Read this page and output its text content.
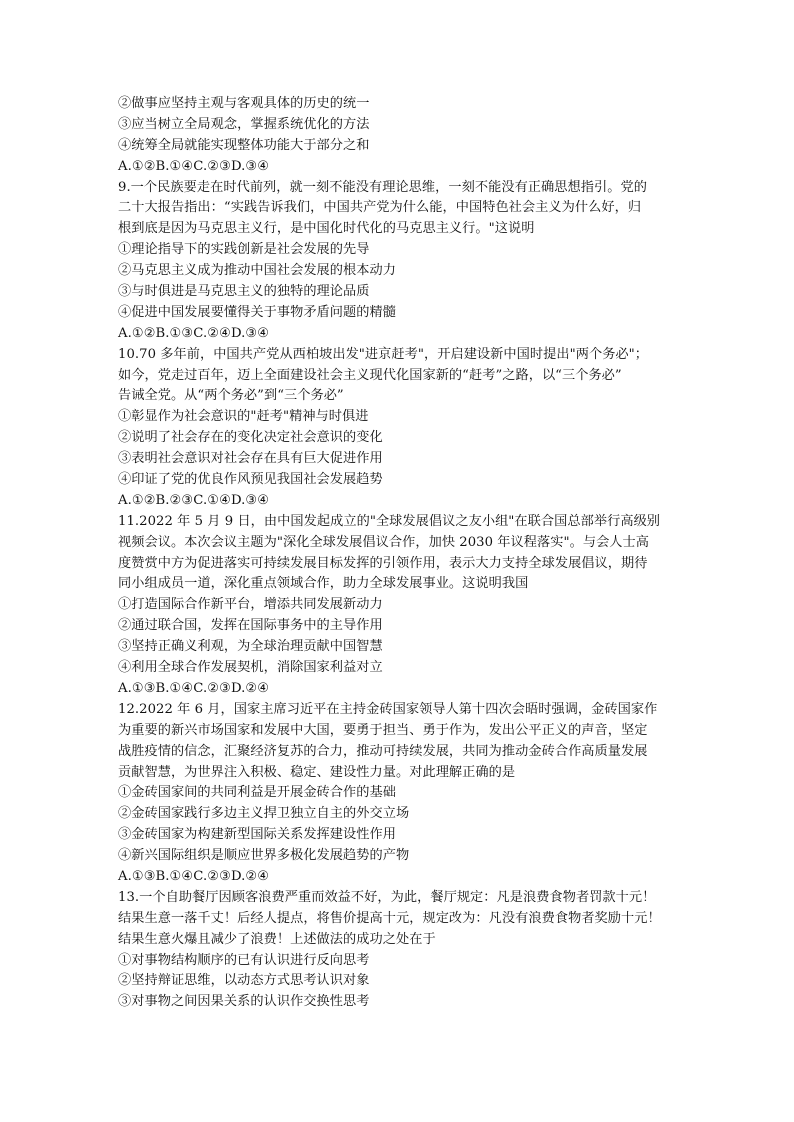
②做事应坚持主观与客观具体的历史的统一
③应当树立全局观念，掌握系统优化的方法
④统筹全局就能实现整体功能大于部分之和
A.①②B.①④C.②③D.③④
9.一个民族要走在时代前列，就一刻不能没有理论思维，一刻不能没有正确思想指引。党的
二十大报告指出：“实践告诉我们，中国共产党为什么能，中国特色社会主义为什么好，归
根到底是因为马克思主义行，是中国化时代化的马克思主义行。"这说明
①理论指导下的实践创新是社会发展的先导
②马克思主义成为推动中国社会发展的根本动力
③与时俱进是马克思主义的独特的理论品质
④促进中国发展要懂得关于事物矛盾问题的精髓
A.①②B.①③C.②④D.③④
10.70 多年前，中国共产党从西柏坡出发"进京赶考"，开启建设新中国时提出"两个务必"；
如今，党走过百年，迈上全面建设社会主义现代化国家新的“赶考”之路，以“三个务必”
告诫全党。从“两个务必”到“三个务必”
①彰显作为社会意识的"赶考"精神与时俱进
②说明了社会存在的变化决定社会意识的变化
③表明社会意识对社会存在具有巨大促进作用
④印证了党的优良作风预见我国社会发展趋势
A.①②B.②③C.①④D.③④
11.2022 年 5 月 9 日，由中国发起成立的"全球发展倡议之友小组"在联合国总部举行高级别
视频会议。本次会议主题为"深化全球发展倡议合作，加快 2030 年议程落实"。与会人士高
度赞赏中方为促进落实可持续发展目标发挥的引领作用，表示大力支持全球发展倡议，期待
同小组成员一道，深化重点领域合作，助力全球发展事业。这说明我国
①打造国际合作新平台，增添共同发展新动力
②通过联合国，发挥在国际事务中的主导作用
③坚持正确义利观，为全球治理贡献中国智慧
④利用全球合作发展契机，消除国家利益对立
A.①③B.①④C.②③D.②④
12.2022 年 6 月，国家主席习近平在主持金砖国家领导人第十四次会晤时强调，金砖国家作
为重要的新兴市场国家和发展中大国，要勇于担当、勇于作为，发出公平正义的声音，坚定
战胜疫情的信念，汇聚经济复苏的合力，推动可持续发展，共同为推动金砖合作高质量发展
贡献智慧，为世界注入积极、稳定、建设性力量。对此理解正确的是
①金砖国家间的共同利益是开展金砖合作的基础
②金砖国家践行多边主义捍卫独立自主的外交立场
③金砖国家为构建新型国际关系发挥建设性作用
④新兴国际组织是顺应世界多极化发展趋势的产物
A.①③B.①④C.②③D.②④
13.一个自助餐厅因顾客浪费严重而效益不好，为此，餐厅规定：凡是浪费食物者罚款十元！
结果生意一落千丈！后经人提点，将售价提高十元，规定改为：凡没有浪费食物者奖励十元！
结果生意火爆且减少了浪费！上述做法的成功之处在于
①对事物结构顺序的已有认识进行反向思考
②坚持辩证思维，以动态方式思考认识对象
③对事物之间因果关系的认识作交换性思考
